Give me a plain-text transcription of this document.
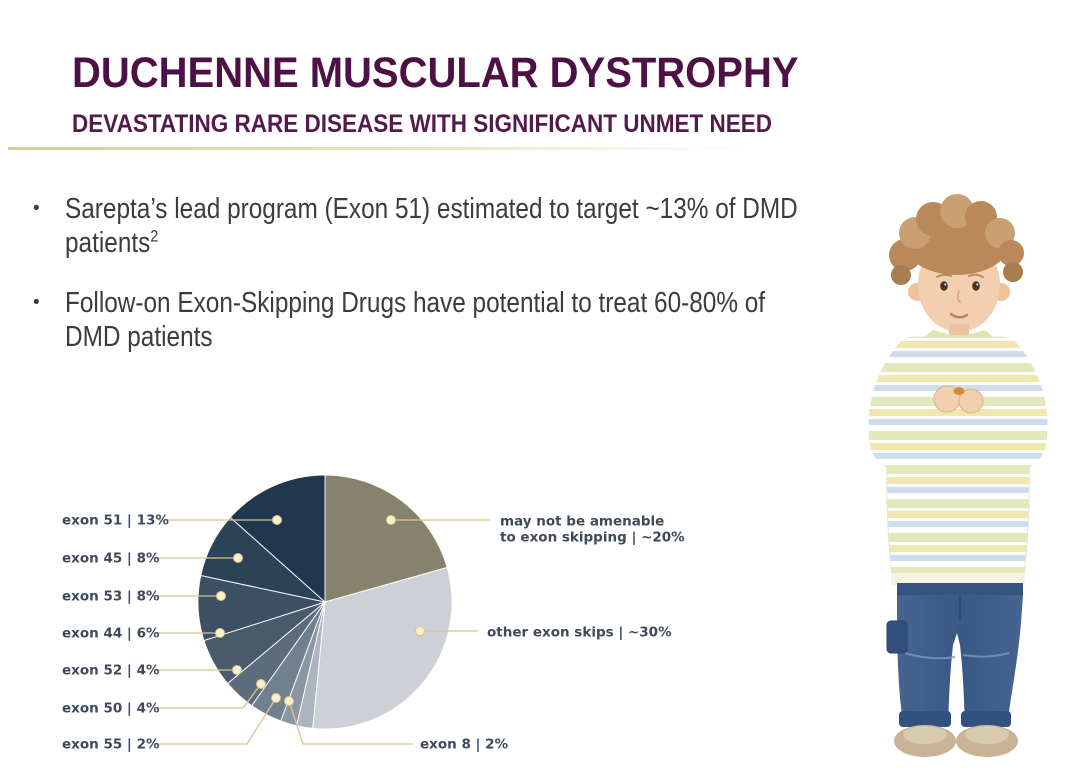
DUCHENNE MUSCULAR DYSTROPHY
DEVASTATING RARE DISEASE WITH SIGNIFICANT UNMET NEED
• Sarepta’s lead program (Exon 51) estimated to target ~13% of DMD
patients$^2$
• Follow-on Exon-Skipping Drugs have potential to treat 60-80% of
DMD patients
may not be amenable
to exon skipping | ~20%
other exon skips | ~30%
exon 8 | 2%
exon 55 | 2%
exon 50 | 4%
exon 52 | 4%
exon 44 | 6%
exon 53 | 8%
exon 45 | 8%
exon 51 | 13%
